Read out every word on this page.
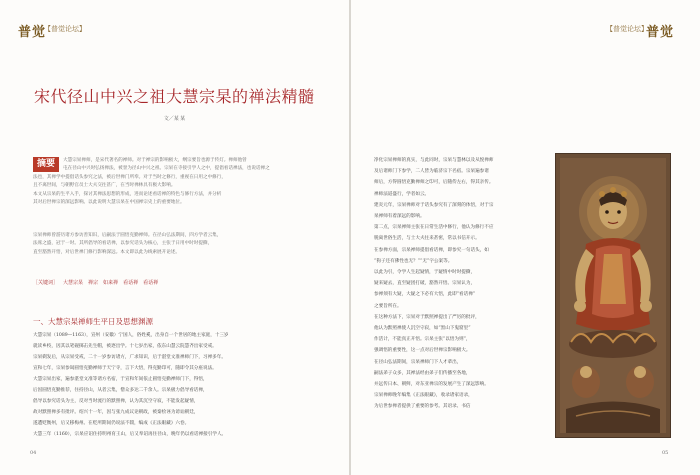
普觉
【普觉论坛】
宋代径山中兴之祖大慧宗杲的禅法精髓
文／某 某
摘要	大慧宗杲禅师，是宋代著名的禅师。对于禅宗的影响极大，纲宗要旨也源于传灯。禅师他曾
屯在径山中兴时弘扬禅法，被誉为径山中兴之祖。宗杲在寺接引学人之中，提倡看话禅法，也说话禅之
法也，其禅学中提倡话头参究之法，被后世禅门所奉。对于当时之修行，重视在日用之中修行，
且不离世间，与朝野官员士大夫交往甚广，在当时禅林具有极大影响。
本文从宗杲的生平入手，探讨其禅法思想的形成，进而论述看话禅的特色与修行方法，并分析
其对后世禅宗的深远影响。以此说明大慧宗杲在中国禅宗史上的重要地位。
宗杲禅师曾游历诸方参访善知识，后嗣法于圆悟克勤禅师。在径山弘法期间，四方学者云集，
法席之盛，冠于一时。其所倡导的看话禅，以参究话头为核心，主张于日用中时时提撕，
直至豁然开悟，对后世禅门修行影响深远。本文即以此为线索展开论述。
［关键词］ 大慧宗杲 禅宗 如来禅 看话禅 看话禅
一、大慧宗杲禅师生平日及思想渊源
大慧宗杲（1089—1163），宣州（安徽）宁国人，俗姓奚，出身自一个世居的地主家庭，十三岁
就读乡校，因其以笔砚掷击先生帽，被逐出学。十七岁出家，依东山慧云院慧齐出家受戒。
宗杲剃发后，从宗杲受戒，二十一岁参访诸方，广求知识，后于湛堂文准禅师门下，习禅多年。
宣和七年，宗杲参谒圆悟克勤禅师于天宁寺，言下大悟，得克勤印可，随即令其分座说法。
大慧宗杲出家，遍参湛堂文准等诸方名宿，于宣和年间依止圆悟克勤禅师门下，得悟，
后因圆悟克勤推荐，住持径山，从者云集，僧众多达二千余人。宗杲极力倡导看话禅，
倡导以参究话头为主，反对当时流行的默照禅，认为其沉空守寂，不能发起疑情，
故对默照禅多有批评。绍兴十一年，因与张九成议论朝政，被秦桧诬为谤讪朝廷，
遂遭贬衡州，后又移梅州。在贬所期间仍说法不辍，编成《正法眼藏》六卷。
大慧三年（1160），宗杲应诏住持明州育王山，后又奉诏再住径山，晚年仍以看话禅接引学人。
04
【普觉论坛】
普觉
05
净化宗杲禅师的真实，与此同时，宗杲与慧林以及从悦禅师
及后诸师门下参学，二人皆为临济宗下名宿。宗杲遍参诸
师后，方得圆悟克勤禅师之印可，后随侍左右，得其亲传。
禅师法道盛行，学者如云。
建炎元年，宗杲禅师对于话头参究有了深刻的体悟，对于宗
杲禅师有着深远的影响。
第二点，宗杲禅师主张在日常生活中修行，他认为修行不应
脱离世俗生活，与士大夫往来甚密，常以书信开示。
在参禅方面，宗杲禅师提倡看话禅，即参究一句话头，如
“狗子还有佛性也无？”“无”字公案等。
以此为引，令学人生起疑情，于疑情中时时提撕，
疑来疑去，直至疑团打破，豁然开悟。宗杲认为，
参禅须有大疑，大疑之下必有大悟，此即“看话禅”
之要旨所在。
在这种方法下，宗杲对于默照禅提出了严厉的批评，
他认为默照禅使人沉空守寂，如“黑山下鬼窟里”
作活计，不能真正开悟。宗杲主张“以悟为则”，
强调悟的重要性，这一点对后世禅宗影响极大。
在径山弘法期间，宗杲禅师门下人才辈出，
嗣法弟子众多，其禅法经由弟子们传播至各地，
并远传日本、朝鲜，对东亚禅宗的发展产生了深远影响。
宗杲禅师晚年编集《正法眼藏》，收录诸家语录，
为后世参禅者提供了重要的参考。其语录、书信
